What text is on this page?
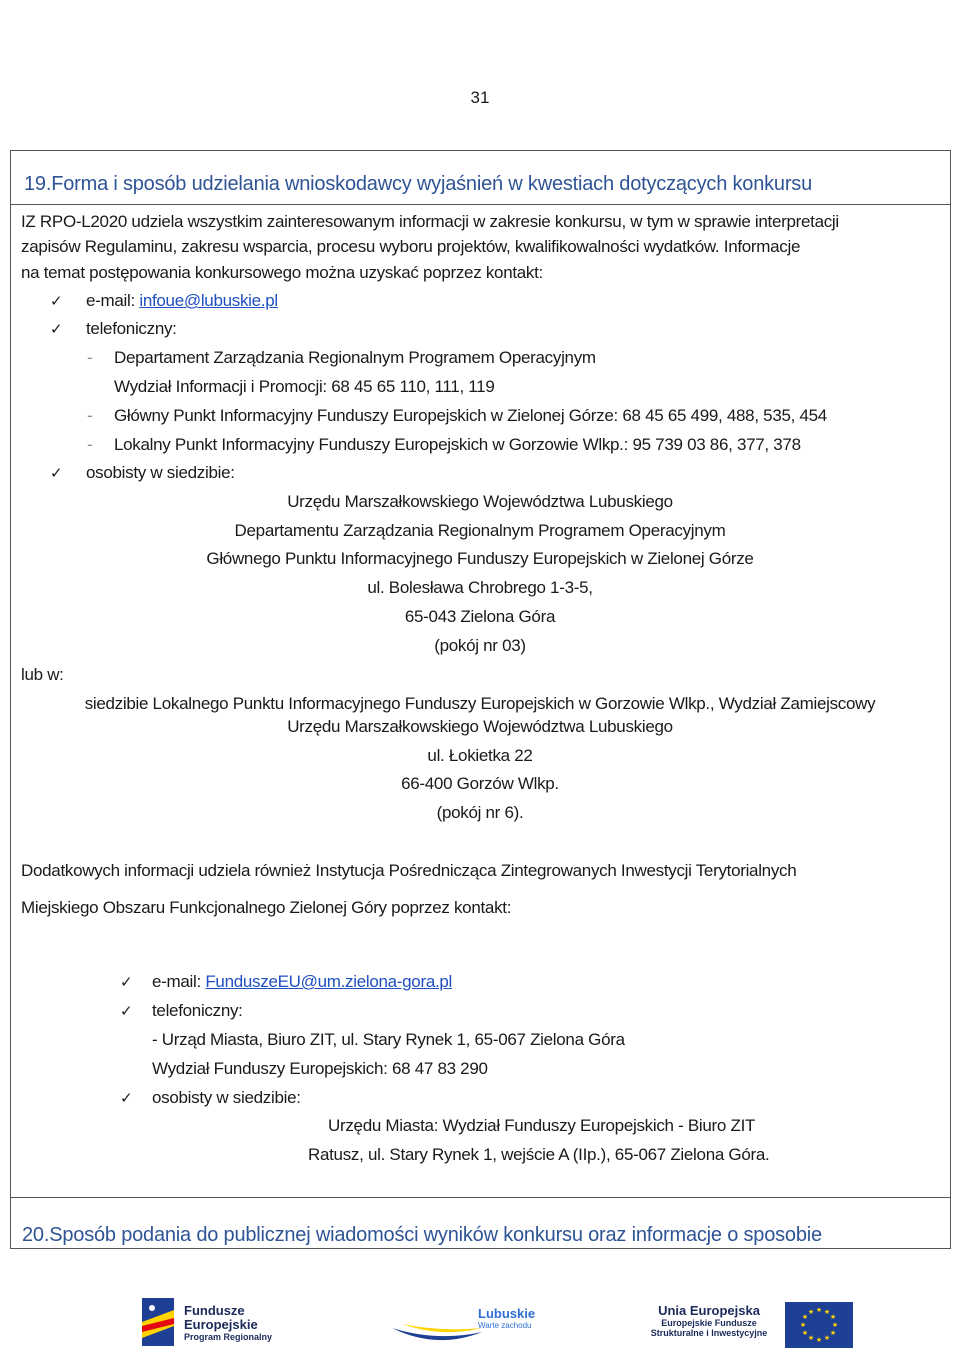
31
19.Forma i sposób udzielania wnioskodawcy wyjaśnień w kwestiach dotyczących konkursu
IZ RPO-L2020 udziela wszystkim zainteresowanym informacji w zakresie konkursu, w tym w sprawie interpretacji
zapisów Regulaminu, zakresu wsparcia, procesu wyboru projektów, kwalifikowalności wydatków. Informacje
na temat postępowania konkursowego można uzyskać poprzez kontakt:
✓ e-mail: infoue@lubuskie.pl
✓ telefoniczny:
- Departament Zarządzania Regionalnym Programem Operacyjnym
Wydział Informacji i Promocji: 68 45 65 110, 111, 119
- Główny Punkt Informacyjny Funduszy Europejskich w Zielonej Górze: 68 45 65 499, 488, 535, 454
- Lokalny Punkt Informacyjny Funduszy Europejskich w Gorzowie Wlkp.: 95 739 03 86, 377, 378
✓ osobisty w siedzibie:
Urzędu Marszałkowskiego Województwa Lubuskiego
Departamentu Zarządzania Regionalnym Programem Operacyjnym
Głównego Punktu Informacyjnego Funduszy Europejskich w Zielonej Górze
ul. Bolesława Chrobrego 1-3-5,
65-043 Zielona Góra
(pokój nr 03)
lub w:
siedzibie Lokalnego Punktu Informacyjnego Funduszy Europejskich w Gorzowie Wlkp., Wydział Zamiejscowy
Urzędu Marszałkowskiego Województwa Lubuskiego
ul. Łokietka 22
66-400 Gorzów Wlkp.
(pokój nr 6).
Dodatkowych informacji udziela również Instytucja Pośrednicząca Zintegrowanych Inwestycji Terytorialnych
Miejskiego Obszaru Funkcjonalnego Zielonej Góry poprzez kontakt:
✓ e-mail: FunduszeEU@um.zielona-gora.pl
✓ telefoniczny:
- Urząd Miasta, Biuro ZIT, ul. Stary Rynek 1, 65-067 Zielona Góra
Wydział Funduszy Europejskich: 68 47 83 290
✓ osobisty w siedzibie:
Urzędu Miasta: Wydział Funduszy Europejskich - Biuro ZIT
Ratusz, ul. Stary Rynek 1, wejście A (IIp.), 65-067 Zielona Góra.
20.Sposób podania do publicznej wiadomości wyników konkursu oraz informacje o sposobie
Fundusze
Europejskie
Program Regionalny
Lubuskie
Warte zachodu
Unia Europejska
Europejskie Fundusze
Strukturalne i Inwestycyjne
★ ★
★
★
★
★
★
★
★
★
★
★
